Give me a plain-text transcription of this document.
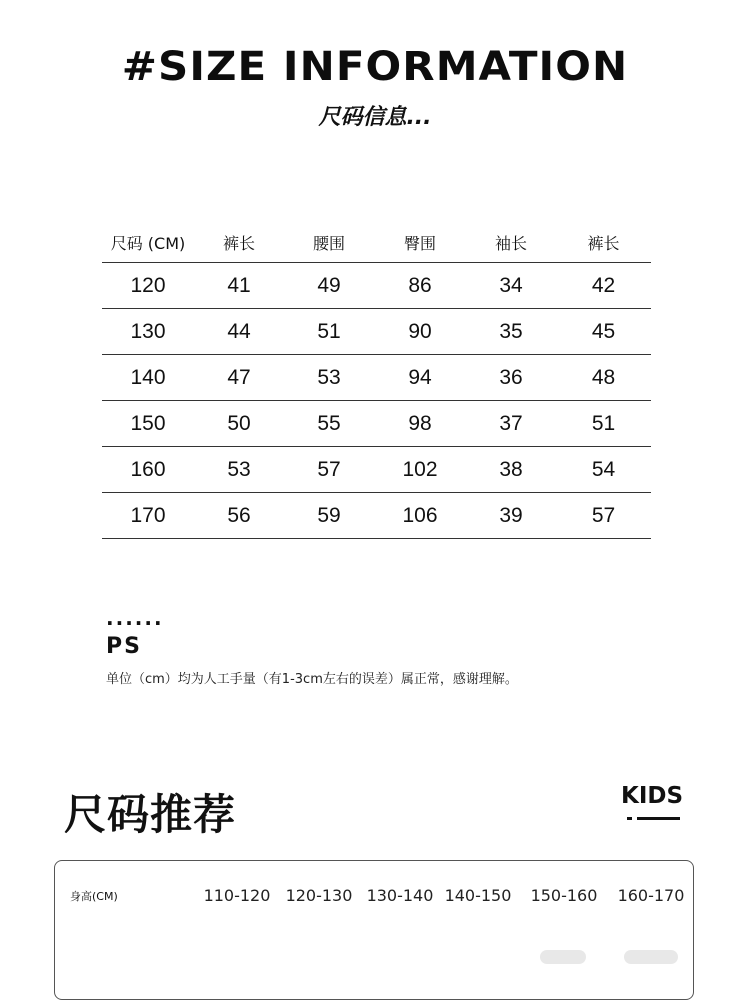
#SIZE INFORMATION
尺码信息...
尺码 (CM)	裤长	腰围	臀围	袖长	裤长
120	41	49	86	34	42
130	44	51	90	35	45
140	47	53	94	36	48
150	50	55	98	37	51
160	53	57	102	38	54
170	56	59	106	39	57
......
PS
单位（cm）均为人工手量（有1-3cm左右的误差）属正常，感谢理解。
尺码推荐	KIDS
身高(CM)	110-120 120-130 130-140 140-150	150-160	160-170
